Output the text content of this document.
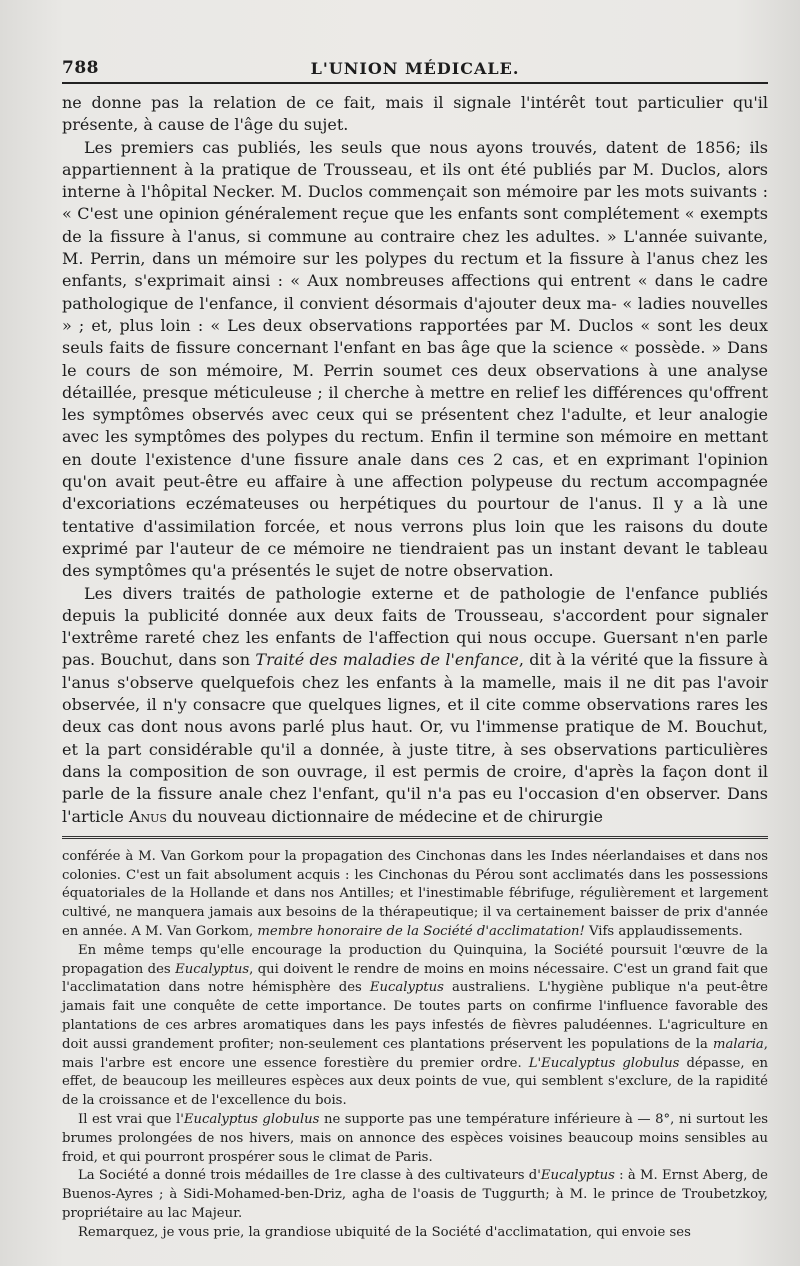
788	L'UNION MÉDICALE.

ne donne pas la relation de ce fait, mais il signale l'intérêt tout particulier qu'il présente, à cause de l'âge du sujet.

Les premiers cas publiés, les seuls que nous ayons trouvés, datent de 1856; ils appartiennent à la pratique de Trousseau, et ils ont été publiés par M. Duclos, alors interne à l'hôpital Necker. M. Duclos commençait son mémoire par les mots suivants : « C'est une opinion généralement reçue que les enfants sont complétement « exempts de la fissure à l'anus, si commune au contraire chez les adultes. » L'année suivante, M. Perrin, dans un mémoire sur les polypes du rectum et la fissure à l'anus chez les enfants, s'exprimait ainsi : « Aux nombreuses affections qui entrent « dans le cadre pathologique de l'enfance, il convient désormais d'ajouter deux ma- « ladies nouvelles » ; et, plus loin : « Les deux observations rapportées par M. Duclos « sont les deux seuls faits de fissure concernant l'enfant en bas âge que la science « possède. » Dans le cours de son mémoire, M. Perrin soumet ces deux observations à une analyse détaillée, presque méticuleuse ; il cherche à mettre en relief les différences qu'offrent les symptômes observés avec ceux qui se présentent chez l'adulte, et leur analogie avec les symptômes des polypes du rectum. Enfin il termine son mémoire en mettant en doute l'existence d'une fissure anale dans ces 2 cas, et en exprimant l'opinion qu'on avait peut-être eu affaire à une affection polypeuse du rectum accompagnée d'excoriations eczémateuses ou herpétiques du pourtour de l'anus. Il y a là une tentative d'assimilation forcée, et nous verrons plus loin que les raisons du doute exprimé par l'auteur de ce mémoire ne tiendraient pas un instant devant le tableau des symptômes qu'a présentés le sujet de notre observation.

Les divers traités de pathologie externe et de pathologie de l'enfance publiés depuis la publicité donnée aux deux faits de Trousseau, s'accordent pour signaler l'extrême rareté chez les enfants de l'affection qui nous occupe. Guersant n'en parle pas. Bouchut, dans son Traité des maladies de l'enfance, dit à la vérité que la fissure à l'anus s'observe quelquefois chez les enfants à la mamelle, mais il ne dit pas l'avoir observée, il n'y consacre que quelques lignes, et il cite comme observations rares les deux cas dont nous avons parlé plus haut. Or, vu l'immense pratique de M. Bouchut, et la part considérable qu'il a donnée, à juste titre, à ses observations particulières dans la composition de son ouvrage, il est permis de croire, d'après la façon dont il parle de la fissure anale chez l'enfant, qu'il n'a pas eu l'occasion d'en observer. Dans l'article Anus du nouveau dictionnaire de médecine et de chirurgie

conférée à M. Van Gorkom pour la propagation des Cinchonas dans les Indes néerlandaises et dans nos colonies. C'est un fait absolument acquis : les Cinchonas du Pérou sont acclimatés dans les possessions équatoriales de la Hollande et dans nos Antilles; et l'inestimable fébrifuge, régulièrement et largement cultivé, ne manquera jamais aux besoins de la thérapeutique; il va certainement baisser de prix d'année en année. A M. Van Gorkom, membre honoraire de la Société d'acclimatation! Vifs applaudissements.

En même temps qu'elle encourage la production du Quinquina, la Société poursuit l'œuvre de la propagation des Eucalyptus, qui doivent le rendre de moins en moins nécessaire. C'est un grand fait que l'acclimatation dans notre hémisphère des Eucalyptus australiens. L'hygiène publique n'a peut-être jamais fait une conquête de cette importance. De toutes parts on confirme l'influence favorable des plantations de ces arbres aromatiques dans les pays infestés de fièvres paludéennes. L'agriculture en doit aussi grandement profiter; non-seulement ces plantations préservent les populations de la malaria, mais l'arbre est encore une essence forestière du premier ordre. L'Eucalyptus globulus dépasse, en effet, de beaucoup les meilleures espèces aux deux points de vue, qui semblent s'exclure, de la rapidité de la croissance et de l'excellence du bois.

Il est vrai que l'Eucalyptus globulus ne supporte pas une température inférieure à — 8°, ni surtout les brumes prolongées de nos hivers, mais on annonce des espèces voisines beaucoup moins sensibles au froid, et qui pourront prospérer sous le climat de Paris.

La Société a donné trois médailles de 1re classe à des cultivateurs d'Eucalyptus : à M. Ernst Aberg, de Buenos-Ayres ; à Sidi-Mohamed-ben-Driz, agha de l'oasis de Tuggurth; à M. le prince de Troubetzkoy, propriétaire au lac Majeur.

Remarquez, je vous prie, la grandiose ubiquité de la Société d'acclimatation, qui envoie ses
